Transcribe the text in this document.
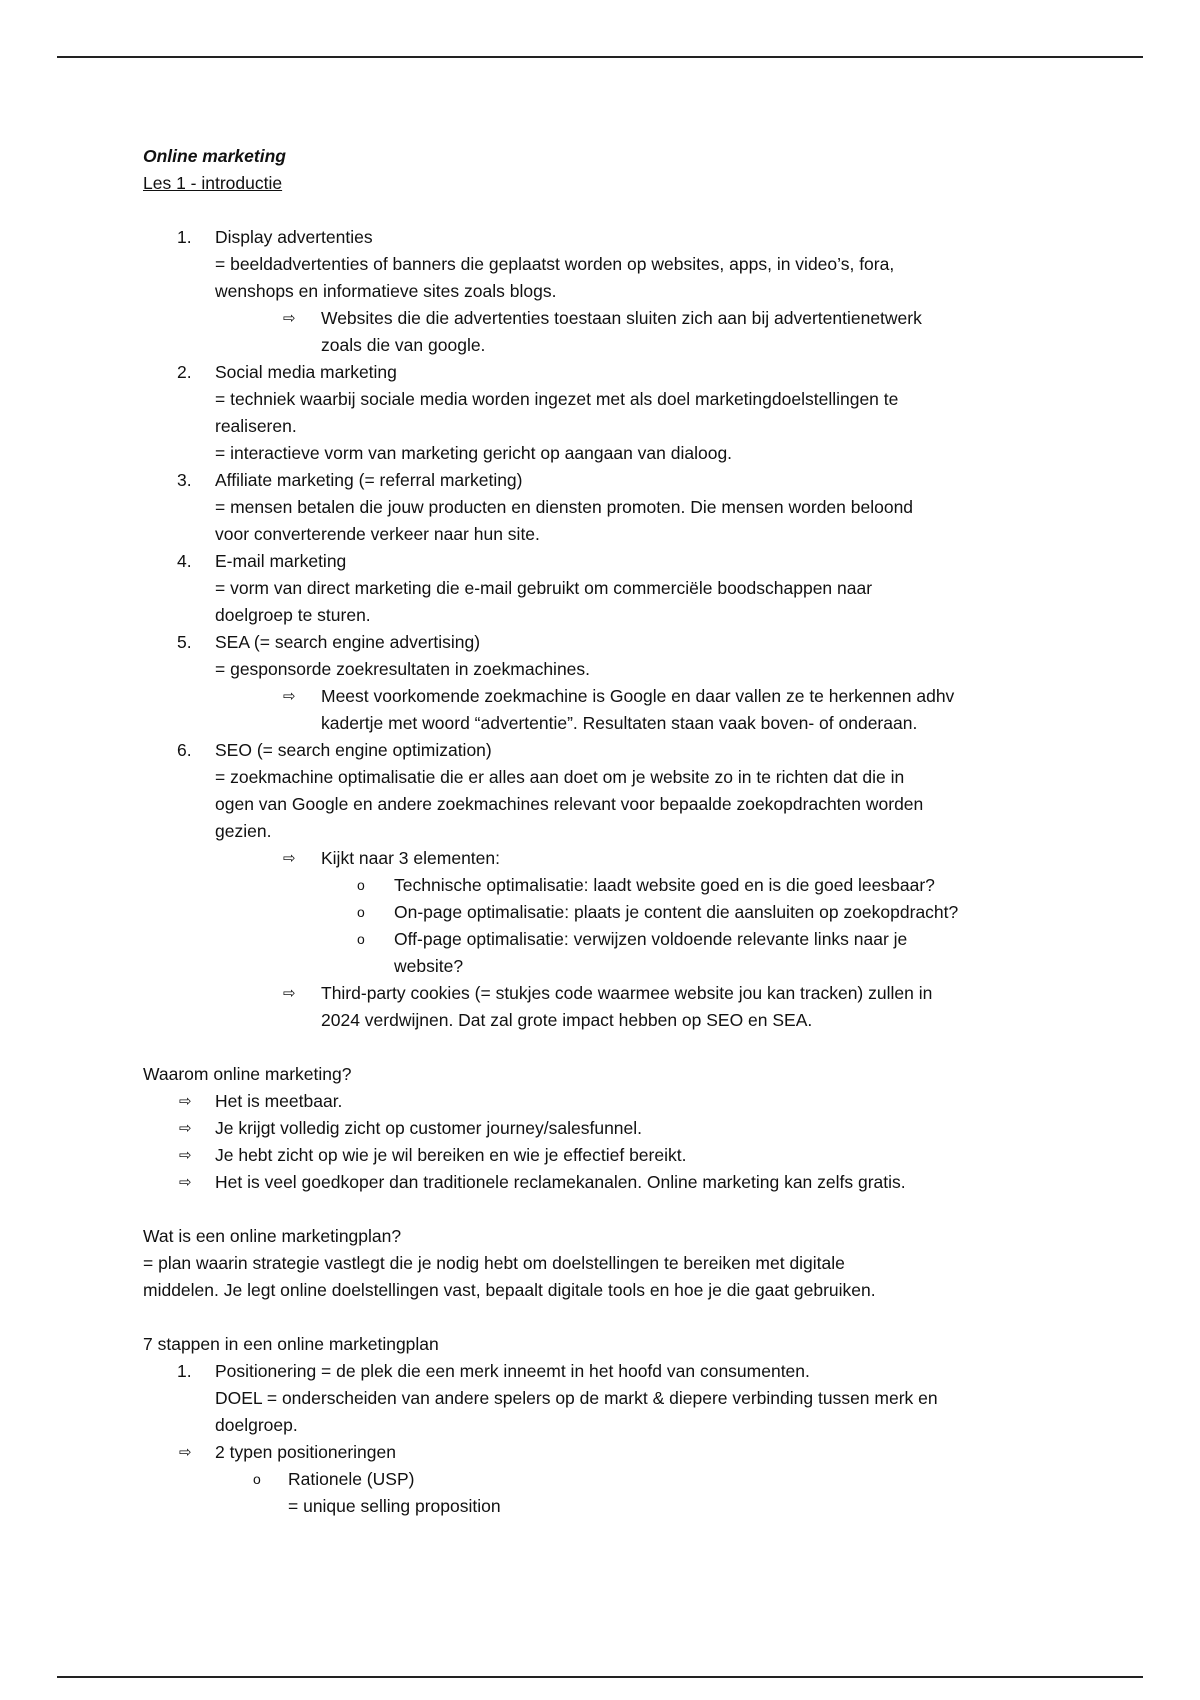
Online marketing
Les 1 - introductie
1. Display advertenties
= beeldadvertenties of banners die geplaatst worden op websites, apps, in video’s, fora,
wenshops en informatieve sites zoals blogs.
⇨ Websites die die advertenties toestaan sluiten zich aan bij advertentienetwerk
zoals die van google.
2. Social media marketing
= techniek waarbij sociale media worden ingezet met als doel marketingdoelstellingen te
realiseren.
= interactieve vorm van marketing gericht op aangaan van dialoog.
3. Affiliate marketing (= referral marketing)
= mensen betalen die jouw producten en diensten promoten. Die mensen worden beloond
voor converterende verkeer naar hun site.
4. E-mail marketing
= vorm van direct marketing die e-mail gebruikt om commerciële boodschappen naar
doelgroep te sturen.
5. SEA (= search engine advertising)
= gesponsorde zoekresultaten in zoekmachines.
⇨ Meest voorkomende zoekmachine is Google en daar vallen ze te herkennen adhv
kadertje met woord “advertentie”. Resultaten staan vaak boven- of onderaan.
6. SEO (= search engine optimization)
= zoekmachine optimalisatie die er alles aan doet om je website zo in te richten dat die in
ogen van Google en andere zoekmachines relevant voor bepaalde zoekopdrachten worden
gezien.
⇨ Kijkt naar 3 elementen:
o Technische optimalisatie: laadt website goed en is die goed leesbaar?
o On-page optimalisatie: plaats je content die aansluiten op zoekopdracht?
o Off-page optimalisatie: verwijzen voldoende relevante links naar je
website?
⇨ Third-party cookies (= stukjes code waarmee website jou kan tracken) zullen in
2024 verdwijnen. Dat zal grote impact hebben op SEO en SEA.
Waarom online marketing?
⇨ Het is meetbaar.
⇨ Je krijgt volledig zicht op customer journey/salesfunnel.
⇨ Je hebt zicht op wie je wil bereiken en wie je effectief bereikt.
⇨ Het is veel goedkoper dan traditionele reclamekanalen. Online marketing kan zelfs gratis.
Wat is een online marketingplan?
= plan waarin strategie vastlegt die je nodig hebt om doelstellingen te bereiken met digitale
middelen. Je legt online doelstellingen vast, bepaalt digitale tools en hoe je die gaat gebruiken.
7 stappen in een online marketingplan
1. Positionering = de plek die een merk inneemt in het hoofd van consumenten.
DOEL = onderscheiden van andere spelers op de markt & diepere verbinding tussen merk en
doelgroep.
⇨ 2 typen positioneringen
o Rationele (USP)
= unique selling proposition
